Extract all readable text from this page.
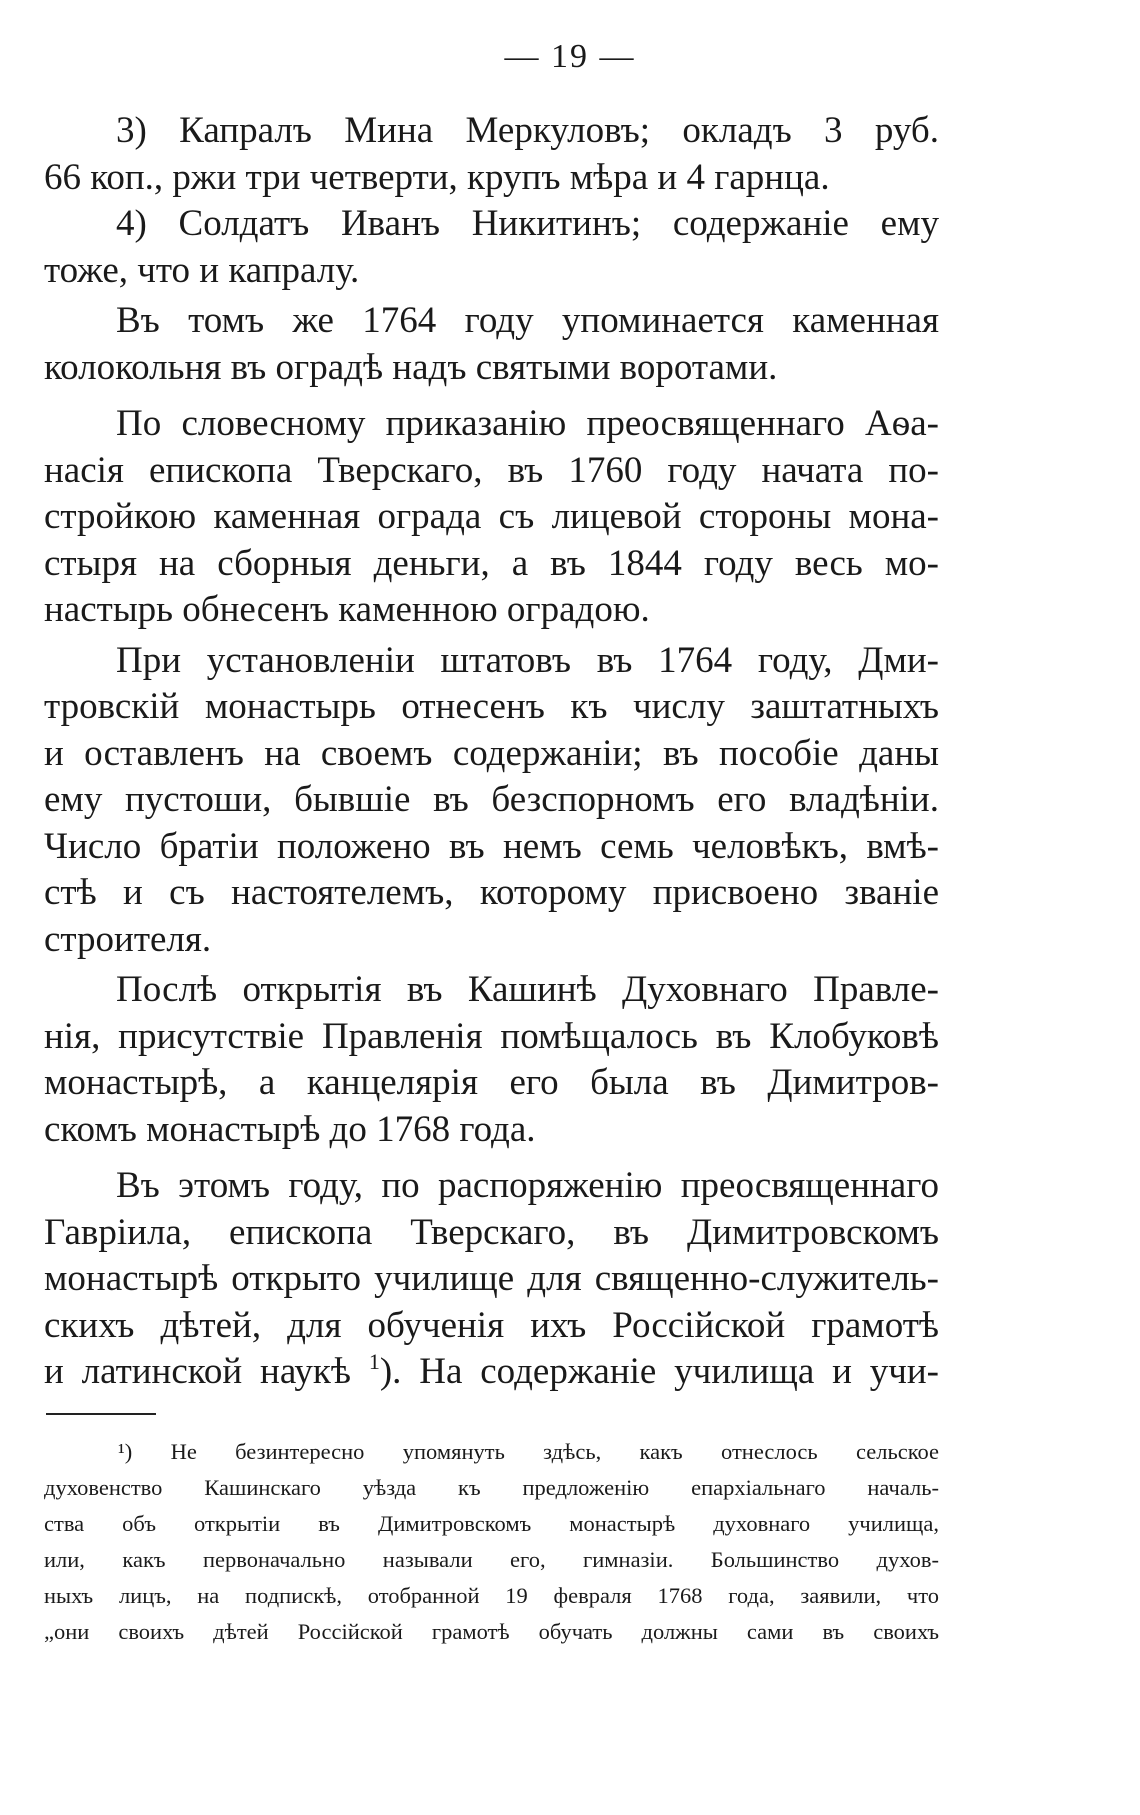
— 19 —
3) Капралъ Мина Меркуловъ; окладъ 3 руб.
66 коп., ржи три четверти, крупъ мѣра и 4 гарнца.
4) Солдатъ Иванъ Никитинъ; содержаніе ему
тоже, что и капралу.
Въ томъ же 1764 году упоминается каменная
колокольня въ оградѣ надъ святыми воротами.
По словесному приказанію преосвященнаго Аѳа-
насія епископа Тверскаго, въ 1760 году начата по-
стройкою каменная ограда съ лицевой стороны мона-
стыря на сборныя деньги, а въ 1844 году весь мо-
настырь обнесенъ каменною оградою.
При установленіи штатовъ въ 1764 году, Дми-
тровскій монастырь отнесенъ къ числу заштатныхъ
и оставленъ на своемъ содержаніи; въ пособіе даны
ему пустоши, бывшіе въ безспорномъ его владѣніи.
Число братіи положено въ немъ семь человѣкъ, вмѣ-
стѣ и съ настоятелемъ, которому присвоено званіе
строителя.
Послѣ открытія въ Кашинѣ Духовнаго Правле-
нія, присутствіе Правленія помѣщалось въ Клобуковѣ
монастырѣ, а канцелярія его была въ Димитров-
скомъ монастырѣ до 1768 года.
Въ этомъ году, по распоряженію преосвященнаго
Гавріила, епископа Тверскаго, въ Димитровскомъ
монастырѣ открыто училище для священно-служитель-
скихъ дѣтей, для обученія ихъ Россійской грамотѣ
и латинской наукѣ $^1$). На содержаніе училища и учи-
¹) Не безинтересно упомянуть здѣсь, какъ отнеслось сельское
духовенство Кашинскаго уѣзда къ предложенію епархіальнаго началь-
ства объ открытіи въ Димитровскомъ монастырѣ духовнаго училища,
или, какъ первоначально называли его, гимназіи. Большинство духов-
ныхъ лицъ, на подпискѣ, отобранной 19 февраля 1768 года, заявили, что
„они своихъ дѣтей Россійской грамотѣ обучать должны сами въ своихъ
